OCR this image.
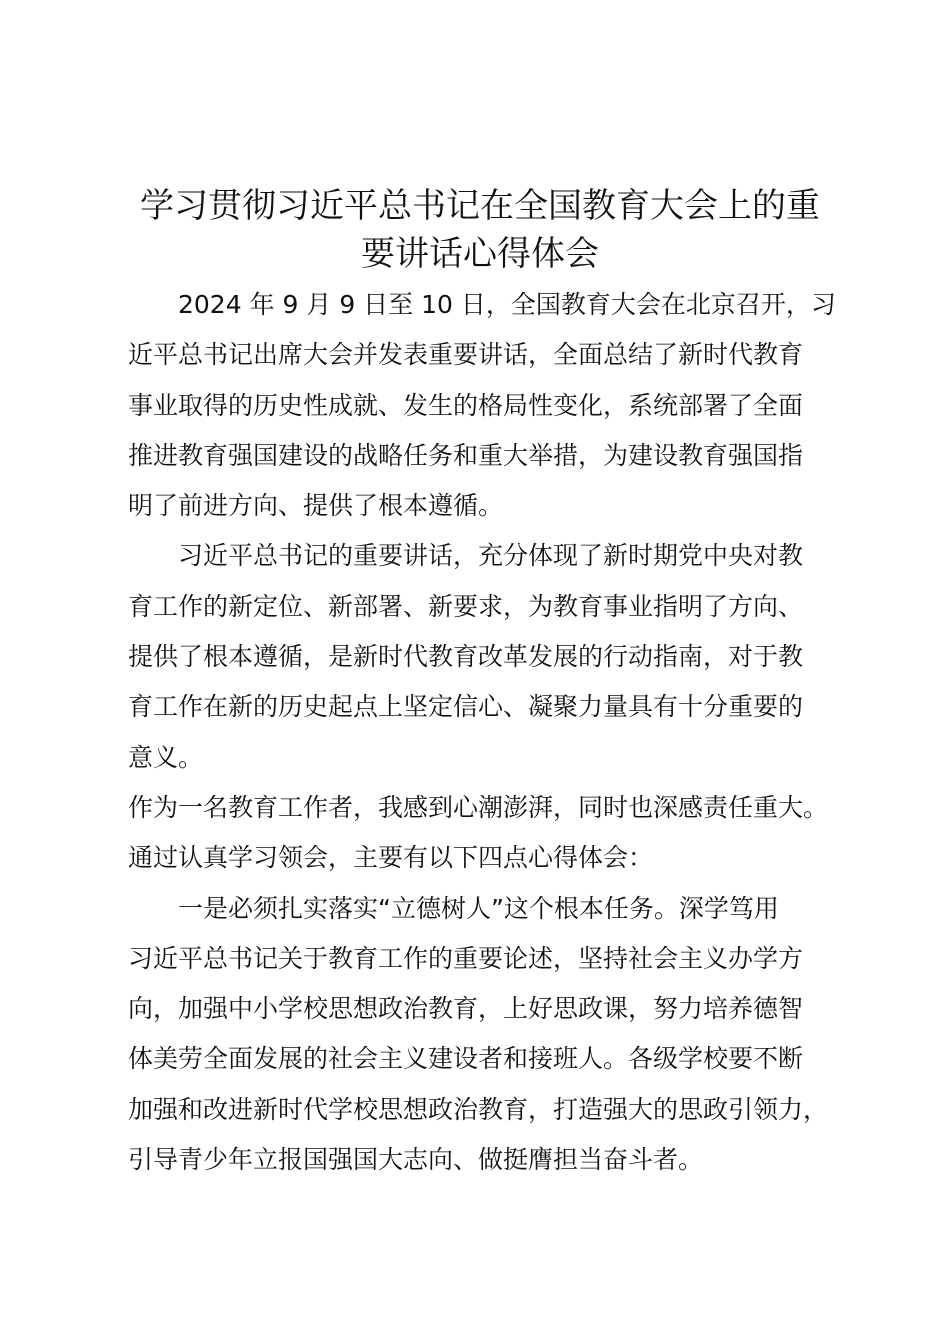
学习贯彻习近平总书记在全国教育大会上的重
要讲话心得体会
2024 年 9 月 9 日至 10 日，全国教育大会在北京召开，习
近平总书记出席大会并发表重要讲话，全面总结了新时代教育
事业取得的历史性成就、发生的格局性变化，系统部署了全面
推进教育强国建设的战略任务和重大举措，为建设教育强国指
明了前进方向、提供了根本遵循。
习近平总书记的重要讲话，充分体现了新时期党中央对教
育工作的新定位、新部署、新要求，为教育事业指明了方向、
提供了根本遵循，是新时代教育改革发展的行动指南，对于教
育工作在新的历史起点上坚定信心、凝聚力量具有十分重要的
意义。
作为一名教育工作者，我感到心潮澎湃，同时也深感责任重大。
通过认真学习领会，主要有以下四点心得体会：
一是必须扎实落实“立德树人”这个根本任务。深学笃用
习近平总书记关于教育工作的重要论述，坚持社会主义办学方
向，加强中小学校思想政治教育，上好思政课，努力培养德智
体美劳全面发展的社会主义建设者和接班人。各级学校要不断
加强和改进新时代学校思想政治教育，打造强大的思政引领力，
引导青少年立报国强国大志向、做挺膺担当奋斗者。
